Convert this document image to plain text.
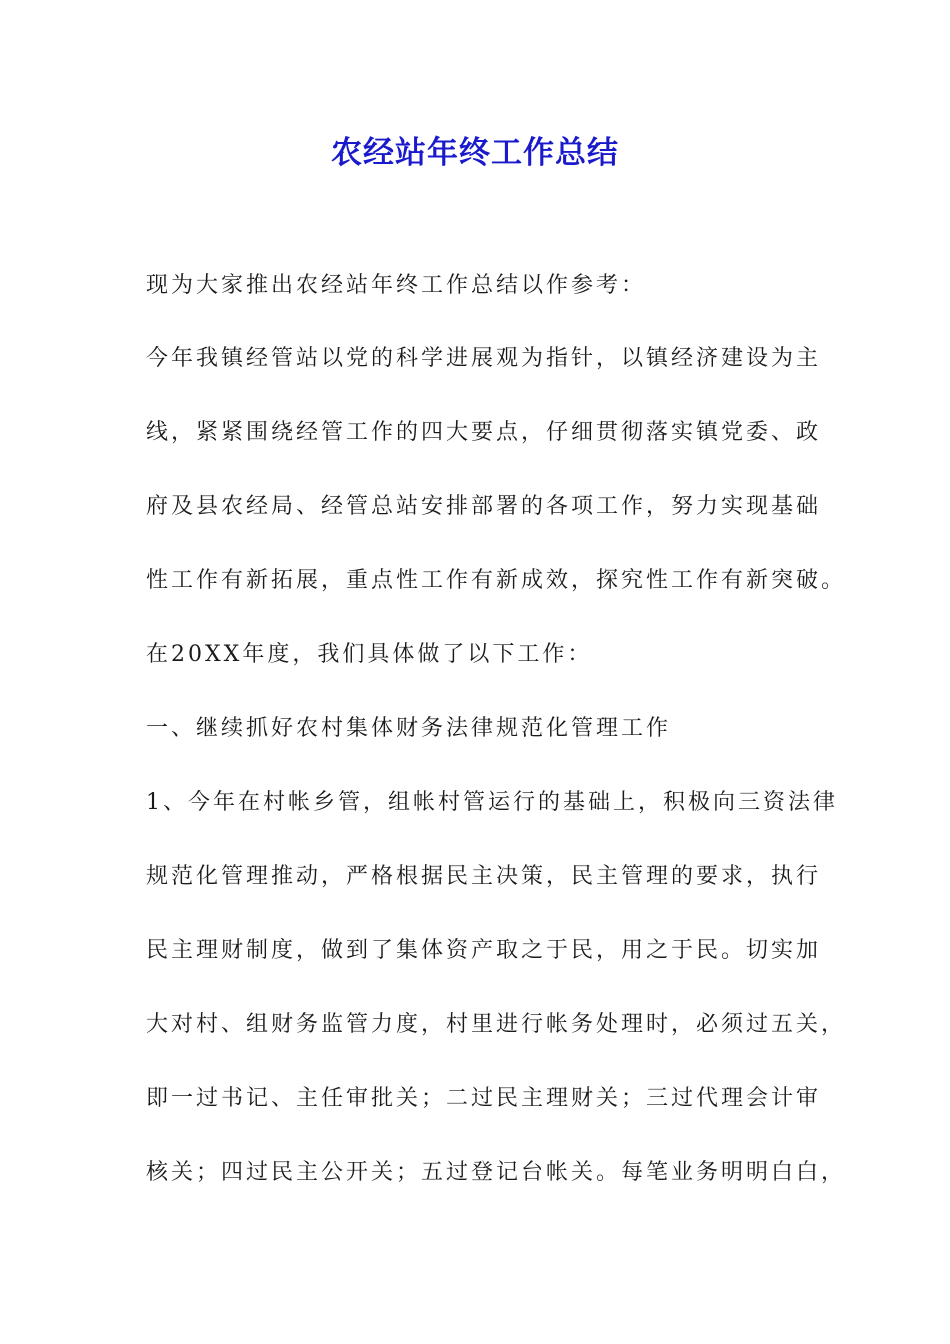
农经站年终工作总结

现为大家推出农经站年终工作总结以作参考：

今年我镇经管站以党的科学进展观为指针，以镇经济建设为主

线，紧紧围绕经管工作的四大要点，仔细贯彻落实镇党委、政

府及县农经局、经管总站安排部署的各项工作，努力实现基础

性工作有新拓展，重点性工作有新成效，探究性工作有新突破。

在20XX年度，我们具体做了以下工作：

一、继续抓好农村集体财务法律规范化管理工作

1、今年在村帐乡管，组帐村管运行的基础上，积极向三资法律

规范化管理推动，严格根据民主决策，民主管理的要求，执行

民主理财制度，做到了集体资产取之于民，用之于民。切实加

大对村、组财务监管力度，村里进行帐务处理时，必须过五关，

即一过书记、主任审批关；二过民主理财关；三过代理会计审

核关；四过民主公开关；五过登记台帐关。每笔业务明明白白，
